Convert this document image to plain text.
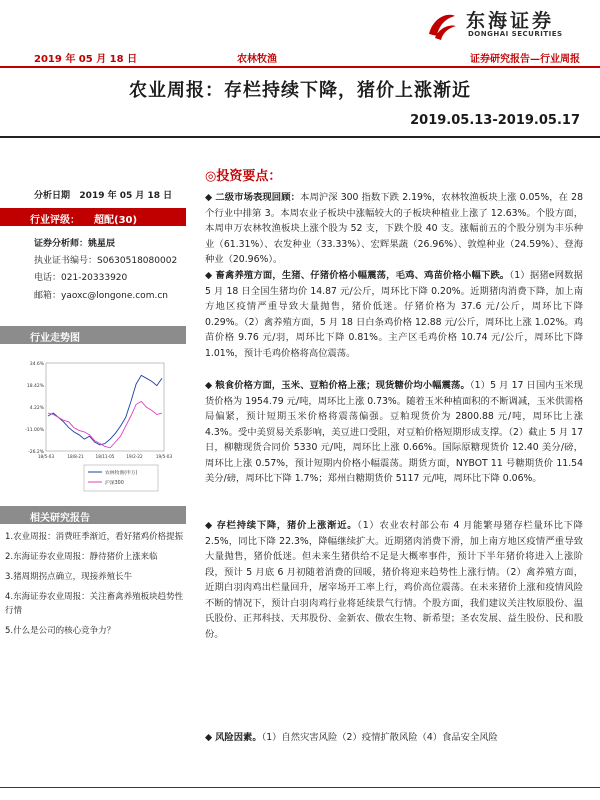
东海证券
DONGHAI SECURITIES
2019 年 05 月 18 日	农林牧渔	证券研究报告—行业周报
农业周报：存栏持续下降，猪价上涨渐近
2019.05.13-2019.05.17
分析日期 2019 年 05 月 18 日
行业评级： 超配(30)
证券分析师：姚星辰
执业证书编号：S0630518080002
电话：021-20333920
邮箱：yaoxc@longone.com.cn
行业走势图
34.6%
18.42%
4.22%
-11.00%
-26.2%
18/5-03	18/8-21	18/11-05	19/2-22	19/5-03
农林牧渔(申万)
沪深300
相关研究报告
1.农业周报：消费旺季渐近，看好猪鸡价格提振
2.东海证券农业周报：静待猪价上涨来临
3.猪周期拐点确立，现接养殖长牛
4.东海证券农业周报：关注畜禽养殖板块趋势性行情
5.什么是公司的核心竞争力？
◎投资要点：
◆ 二级市场表现回顾：本周沪深 300 指数下跌 2.19%，农林牧渔板块上涨 0.05%，在 28 个行业中排第 3。本周农业子板块中涨幅较大的子板块种植业上涨了 12.63%。个股方面，本周申万农林牧渔板块上涨个股为 52 支，下跌个股 40 支。涨幅前五的个股分别为丰乐种业（61.31%）、农发种业（33.33%）、宏辉果蔬（26.96%）、敦煌种业（24.59%）、登海种业（20.96%）。
◆ 畜禽养殖方面，生猪、仔猪价格小幅震荡，毛鸡、鸡苗价格小幅下跌。（1）据猪e网数据 5 月 18 日全国生猪均价 14.87 元/公斤，周环比下降 0.20%。近期猪肉消费下降，加上南方地区疫情严重导致大量抛售，猪价低迷。仔猪价格为 37.6 元/公斤，周环比下降 0.29%。（2）禽养殖方面，5 月 18 日白条鸡价格 12.88 元/公斤，周环比上涨 1.02%。鸡苗价格 9.76 元/羽，周环比下降 0.81%。主产区毛鸡价格 10.74 元/公斤，周环比下降 1.01%，预计毛鸡价格将高位震荡。
◆ 粮食价格方面，玉米、豆粕价格上涨；现货糖价均小幅震荡。（1）5 月 17 日国内玉米现货价格为 1954.79 元/吨，周环比上涨 0.73%。随着玉米种植面积的不断调减，玉米供需格局偏紧，预计短期玉米价格将震荡偏强。豆粕现货价为 2800.88 元/吨，周环比上涨 4.3%。受中美贸易关系影响，美豆进口受阻，对豆粕价格短期形成支撑。（2）截止 5 月 17 日，柳糖现货合同价 5330 元/吨，周环比上涨 0.66%。国际原糖现货价 12.40 美分/磅，周环比上涨 0.57%，预计短期内价格小幅震荡。期货方面，NYBOT 11 号糖期货价 11.54 美分/磅，周环比下降 1.7%；郑州白糖期货价 5117 元/吨，周环比下降 0.06%。
◆ 存栏持续下降，猪价上涨渐近。（1）农业农村部公布 4 月能繁母猪存栏量环比下降 2.5%，同比下降 22.3%，降幅继续扩大。近期猪肉消费下滑，加上南方地区疫情严重导致大量抛售，猪价低迷。但未来生猪供给不足是大概率事件，预计下半年猪价将进入上涨阶段，预计 5 月底 6 月初随着消费的回暖，猪价将迎来趋势性上涨行情。（2）禽养殖方面，近期白羽肉鸡出栏量回升，屠宰场开工率上行，鸡价高位震荡。在未来猪价上涨和疫情风险不断的情况下，预计白羽肉鸡行业将延续景气行情。个股方面，我们建议关注牧原股份、温氏股份、正邦科技、天邦股份、金新农、傲农生物、新希望；圣农发展、益生股份、民和股份。
◆ 风险因素。（1）自然灾害风险（2）疫情扩散风险（4）食品安全风险
